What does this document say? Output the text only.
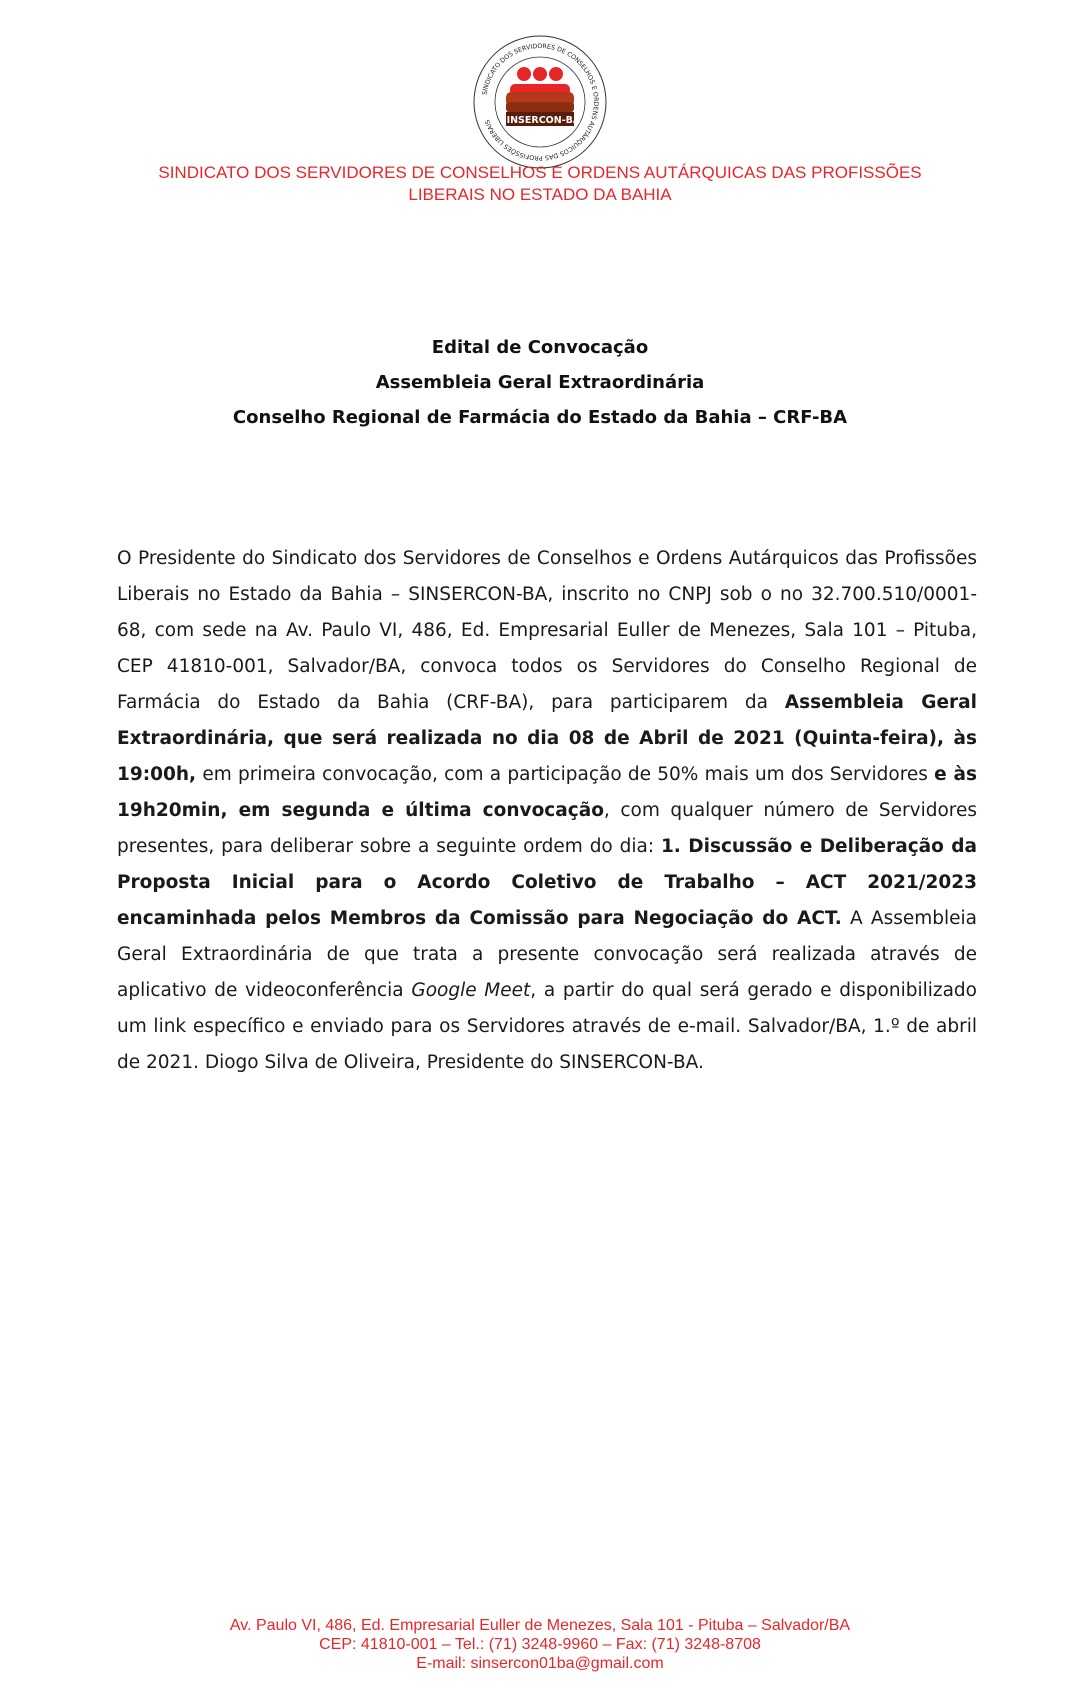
SINDICATO DOS SERVIDORES DE CONSELHOS E ORDENS AUTÁRQUICOS DAS PROFISSÕES LIBERAIS SINSERCON-BA
SINDICATO DOS SERVIDORES DE CONSELHOS E ORDENS AUTÁRQUICAS DAS PROFISSÕES
LIBERAIS NO ESTADO DA BAHIA
Edital de Convocação
Assembleia Geral Extraordinária
Conselho Regional de Farmácia do Estado da Bahia – CRF-BA
O Presidente do Sindicato dos Servidores de Conselhos e Ordens Autárquicos das Profissões Liberais no Estado da Bahia – SINSERCON-BA, inscrito no CNPJ sob o no 32.700.510/0001-68, com sede na Av. Paulo VI, 486, Ed. Empresarial Euller de Menezes, Sala 101 – Pituba, CEP 41810-001, Salvador/BA, convoca todos os Servidores do Conselho Regional de Farmácia do Estado da Bahia (CRF-BA), para participarem da Assembleia Geral Extraordinária, que será realizada no dia 08 de Abril de 2021 (Quinta-feira), às 19:00h, em primeira convocação, com a participação de 50% mais um dos Servidores e às 19h20min, em segunda e última convocação, com qualquer número de Servidores presentes, para deliberar sobre a seguinte ordem do dia: 1. Discussão e Deliberação da Proposta Inicial para o Acordo Coletivo de Trabalho – ACT 2021/2023 encaminhada pelos Membros da Comissão para Negociação do ACT. A Assembleia Geral Extraordinária de que trata a presente convocação será realizada através de aplicativo de videoconferência Google Meet, a partir do qual será gerado e disponibilizado um link específico e enviado para os Servidores através de e-mail. Salvador/BA, 1.º de abril de 2021. Diogo Silva de Oliveira, Presidente do SINSERCON-BA.
Av. Paulo VI, 486, Ed. Empresarial Euller de Menezes, Sala 101 - Pituba – Salvador/BA
CEP: 41810-001 – Tel.: (71) 3248-9960 – Fax: (71) 3248-8708
E-mail: sinsercon01ba@gmail.com
